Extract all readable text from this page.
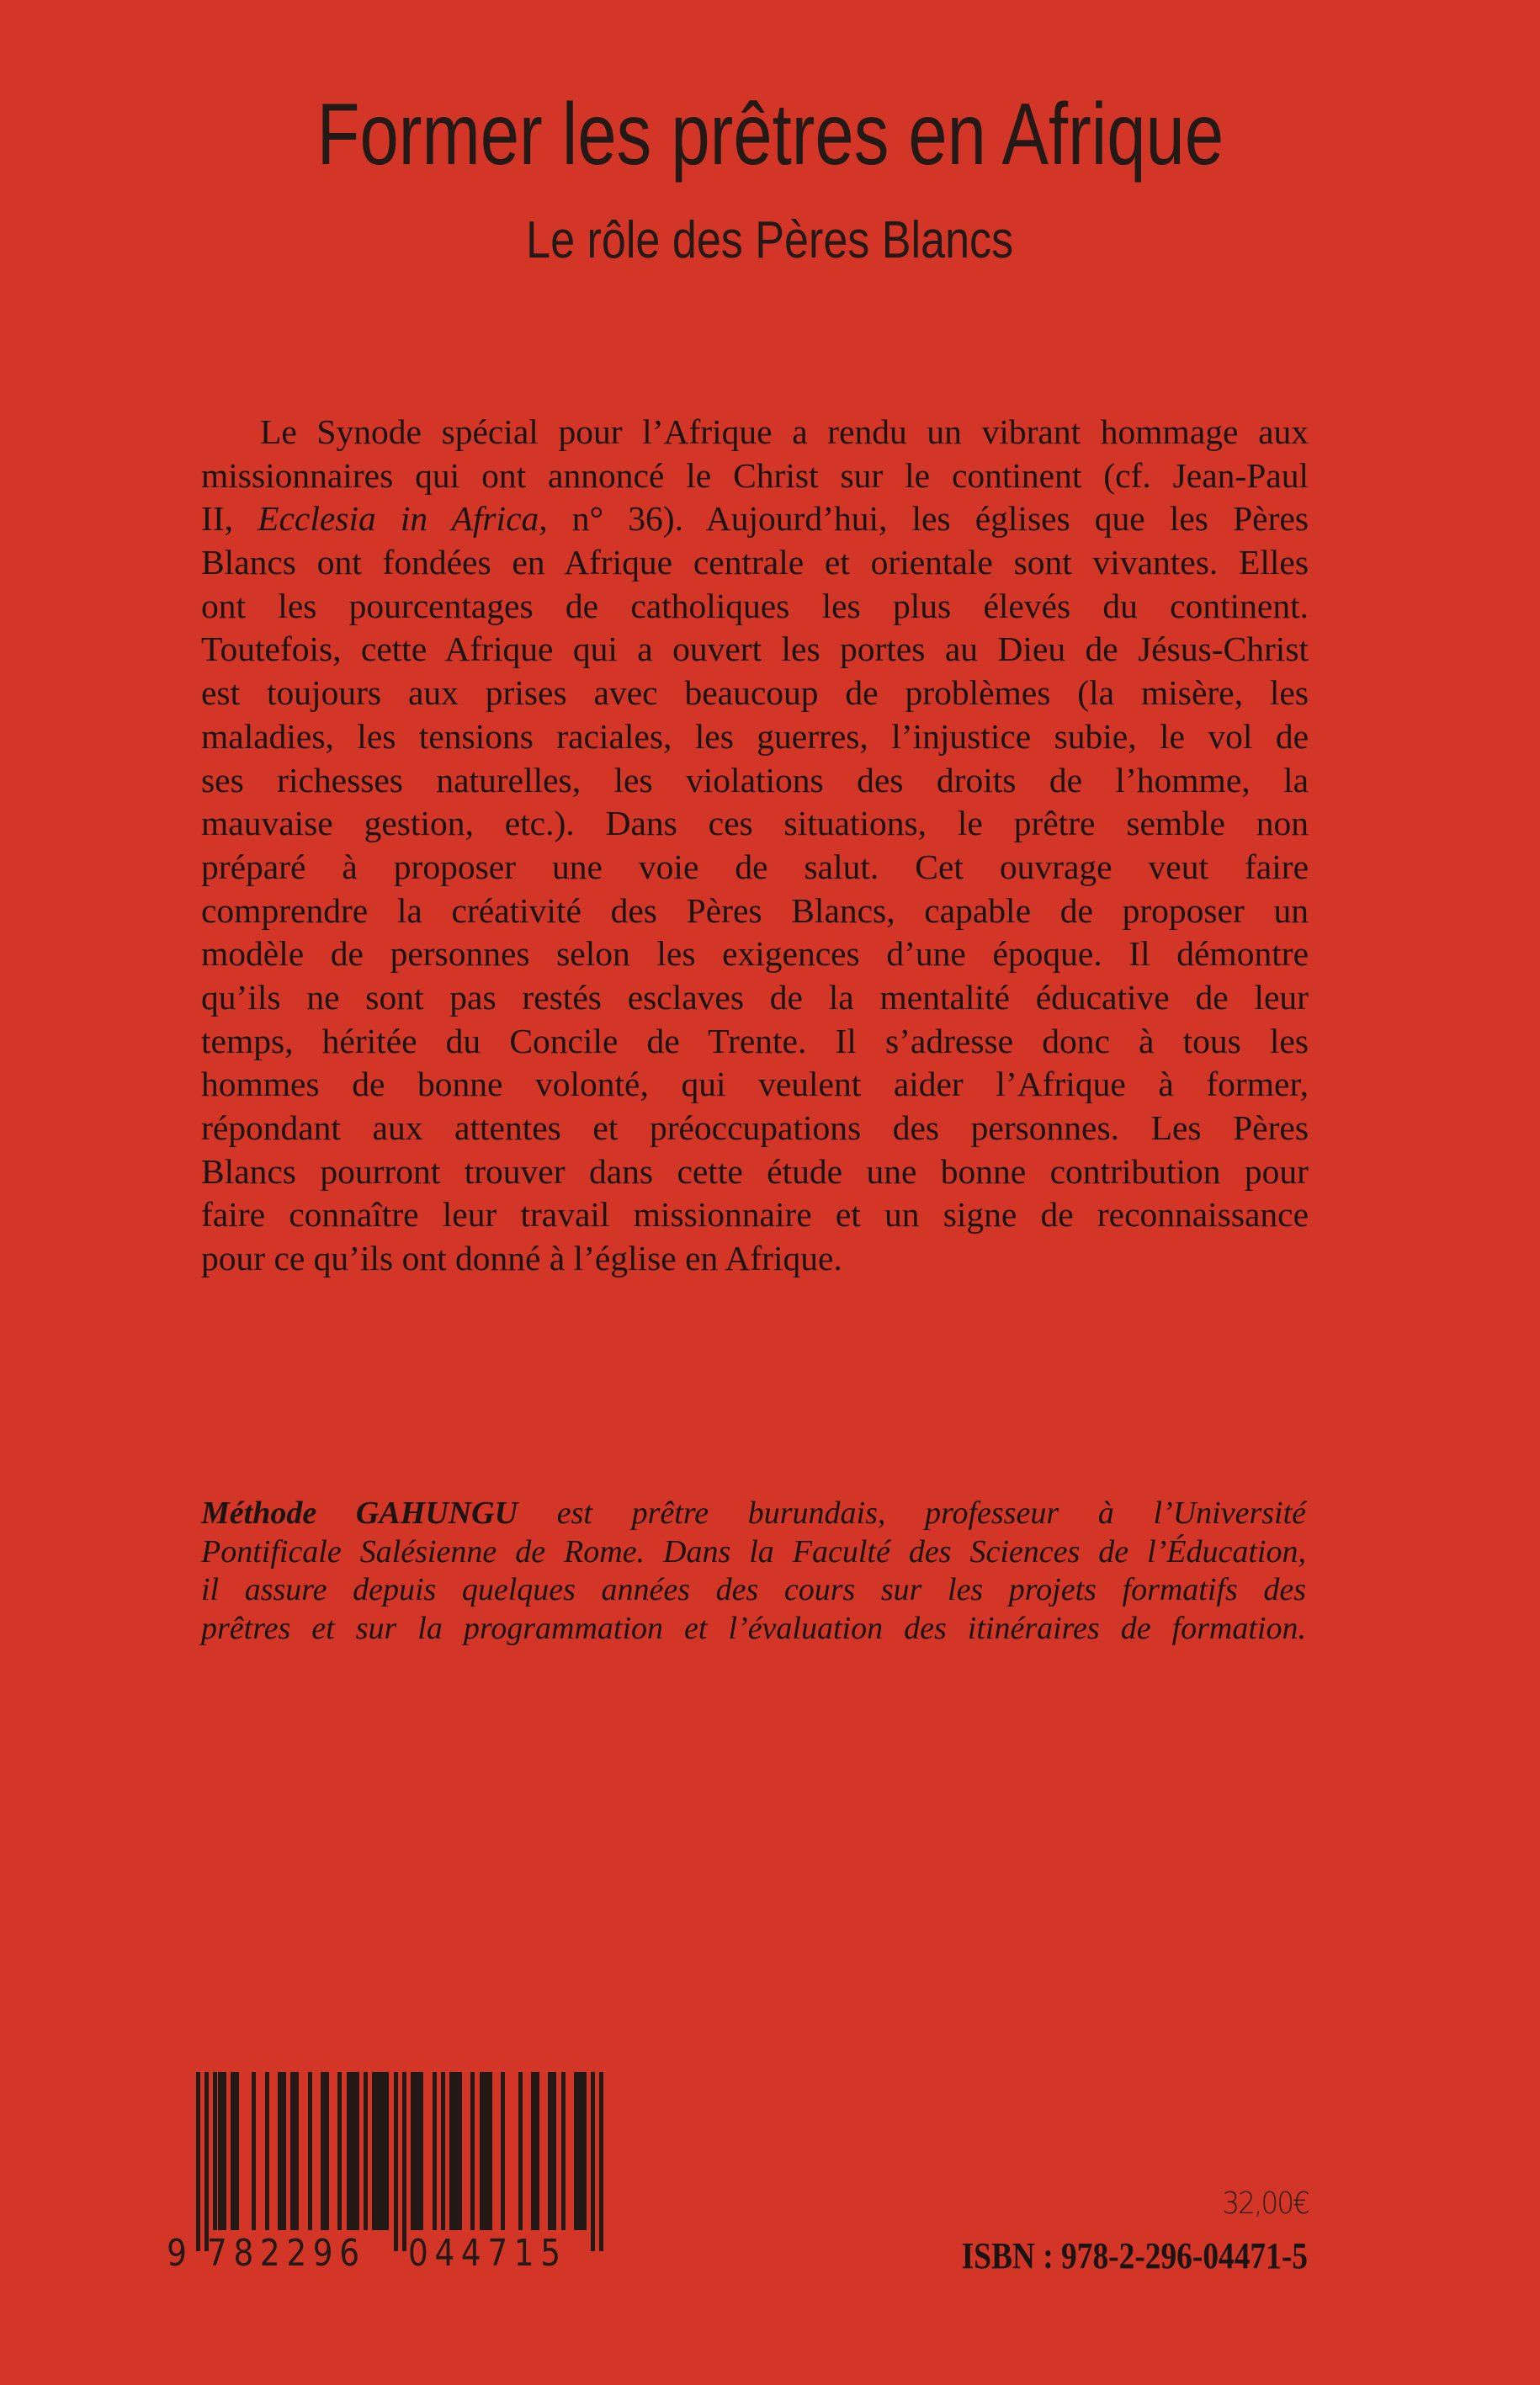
Former les prêtres en Afrique
Le rôle des Pères Blancs
Le Synode spécial pour l’Afrique a rendu un vibrant hommage aux
missionnaires qui ont annoncé le Christ sur le continent (cf. Jean-Paul
II, Ecclesia in Africa, n° 36). Aujourd’hui, les églises que les Pères
Blancs ont fondées en Afrique centrale et orientale sont vivantes. Elles
ont les pourcentages de catholiques les plus élevés du continent.
Toutefois, cette Afrique qui a ouvert les portes au Dieu de Jésus-Christ
est toujours aux prises avec beaucoup de problèmes (la misère, les
maladies, les tensions raciales, les guerres, l’injustice subie, le vol de
ses richesses naturelles, les violations des droits de l’homme, la
mauvaise gestion, etc.). Dans ces situations, le prêtre semble non
préparé à proposer une voie de salut. Cet ouvrage veut faire
comprendre la créativité des Pères Blancs, capable de proposer un
modèle de personnes selon les exigences d’une époque. Il démontre
qu’ils ne sont pas restés esclaves de la mentalité éducative de leur
temps, héritée du Concile de Trente. Il s’adresse donc à tous les
hommes de bonne volonté, qui veulent aider l’Afrique à former,
répondant aux attentes et préoccupations des personnes. Les Pères
Blancs pourront trouver dans cette étude une bonne contribution pour
faire connaître leur travail missionnaire et un signe de reconnaissance
pour ce qu’ils ont donné à l’église en Afrique.
Méthode GAHUNGU est prêtre burundais, professeur à l’Université
Pontificale Salésienne de Rome. Dans la Faculté des Sciences de l’Éducation,
il assure depuis quelques années des cours sur les projets formatifs des
prêtres et sur la programmation et l’évaluation des itinéraires de formation.
9 782296 044715
32,00€
ISBN : 978-2-296-04471-5
